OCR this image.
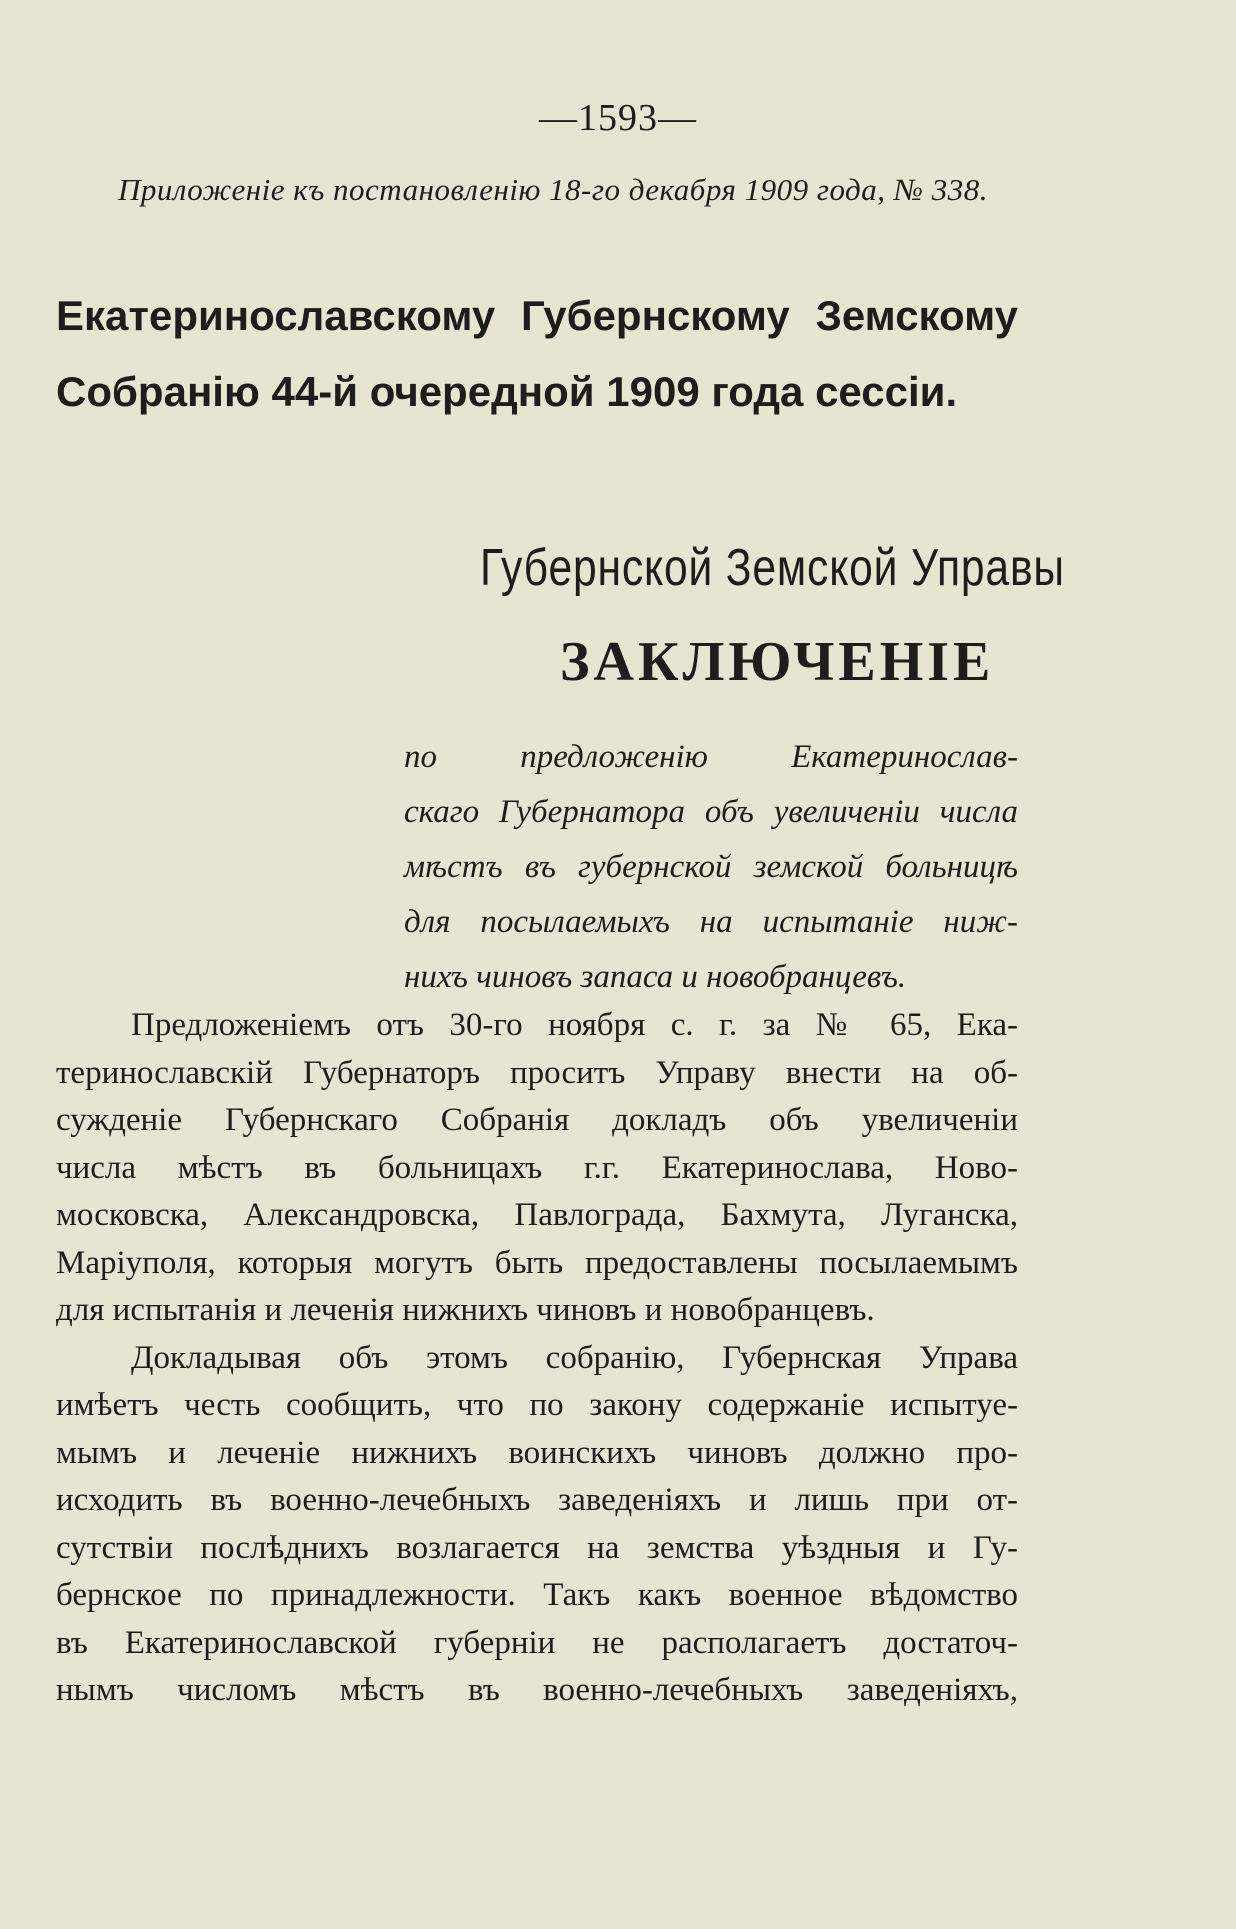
—1593—
Приложеніе къ постановленію 18-го декабря 1909 года, № 338.
Екатеринославскому Губернскому Земскому
Собранію 44-й очередной 1909 года сессіи.
Губернской Земской Управы
ЗАКЛЮЧЕНІЕ
по предложенію Екатеринослав-
скаго Губернатора объ увеличеніи числа
мѣстъ въ губернской земской больницѣ
для посылаемыхъ на испытаніе ниж-
нихъ чиновъ запаса и новобранцевъ.
Предложеніемъ отъ 30-го ноября с. г. за № 65, Ека-
теринославскій Губернаторъ проситъ Управу внести на об-
сужденіе Губернскаго Собранія докладъ объ увеличеніи
числа мѣстъ въ больницахъ г.г. Екатеринослава, Ново-
московска, Александровска, Павлограда, Бахмута, Луганска,
Маріуполя, которыя могутъ быть предоставлены посылаемымъ
для испытанія и леченія нижнихъ чиновъ и новобранцевъ.
Докладывая объ этомъ собранію, Губернская Управа
имѣетъ честь сообщить, что по закону содержаніе испытуе-
мымъ и леченіе нижнихъ воинскихъ чиновъ должно про-
исходить въ военно-лечебныхъ заведеніяхъ и лишь при от-
сутствіи послѣднихъ возлагается на земства уѣздныя и Гу-
бернское по принадлежности. Такъ какъ военное вѣдомство
въ Екатеринославской губерніи не располагаетъ достаточ-
нымъ числомъ мѣстъ въ военно-лечебныхъ заведеніяхъ,
